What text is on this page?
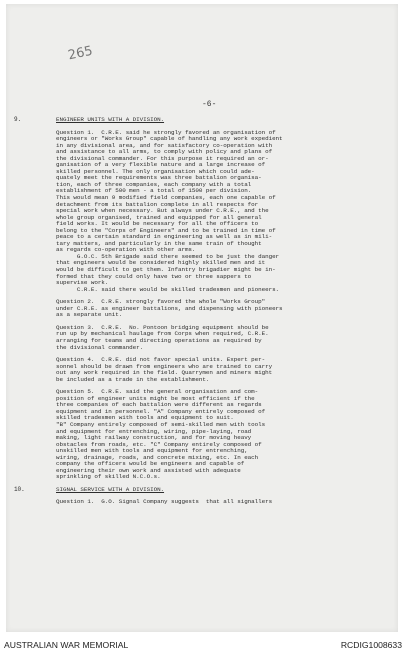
265
-6-
9.	ENGINEER UNITS WITH A DIVISION.
Question 1.  C.R.E. said he strongly favored an organisation of
engineers or "Works Group" capable of handling any work expedient
in any divisional area, and for satisfactory co-operation with
and assistance to all arms, to comply with policy and plans of
the divisional commander. For this purpose it required an or-
ganisation of a very flexible nature and a large increase of
skilled personnel. The only organisation which could ade-
quately meet the requirements was three battalion organisa-
tion, each of three companies, each company with a total
establishment of 500 men - a total of 1500 per division.
This would mean 9 modified field companies, each one capable of
detachment from its battalion complete in all respects for
special work when necessary. But always under C.R.E., and the
whole group organised, trained and equipped for all general
field works. It would be necessary for all the officers to
belong to the "Corps of Engineers" and to be trained in time of
peace to a certain standard in engineering as well as in mili-
tary matters, and particularly in the same train of thought
as regards co-operation with other arms.
G.O.C. 5th Brigade said there seemed to be just the danger
that engineers would be considered highly skilled men and it
would be difficult to get them. Infantry brigadier might be in-
formed that they could only have two or three sappers to
supervise work.
C.R.E. said there would be skilled tradesmen and pioneers.
Question 2.  C.R.E. strongly favored the whole "Works Group"
under C.R.E. as engineer battalions, and dispensing with pioneers
as a separate unit.
Question 3.  C.R.E.  No. Pontoon bridging equipment should be
run up by mechanical haulage from Corps when required, C.R.E.
arranging for teams and directing operations as required by
the divisional commander.
Question 4.  C.R.E. did not favor special units. Expert per-
sonnel should be drawn from engineers who are trained to carry
out any work required in the field. Quarrymen and miners might
be included as a trade in the establishment.
Question 5.  C.R.E. said the general organisation and com-
position of engineer units might be most efficient if the
three companies of each battalion were different as regards
equipment and in personnel. "A" Company entirely composed of
skilled tradesmen with tools and equipment to suit.
"B" Company entirely composed of semi-skilled men with tools
and equipment for entrenching, wiring, pipe-laying, road
making, light railway construction, and for moving heavy
obstacles from roads, etc. "C" Company entirely composed of
unskilled men with tools and equipment for entrenching,
wiring, drainage, roads, and concrete mixing, etc. In each
company the officers would be engineers and capable of
engineering their own work and assisted with adequate
sprinkling of skilled N.C.O.s.
10.	SIGNAL SERVICE WITH A DIVISION.
Question 1.  G.O. Signal Company suggests  that all signallers
AUSTRALIAN WAR MEMORIAL	RCDIG1008633
